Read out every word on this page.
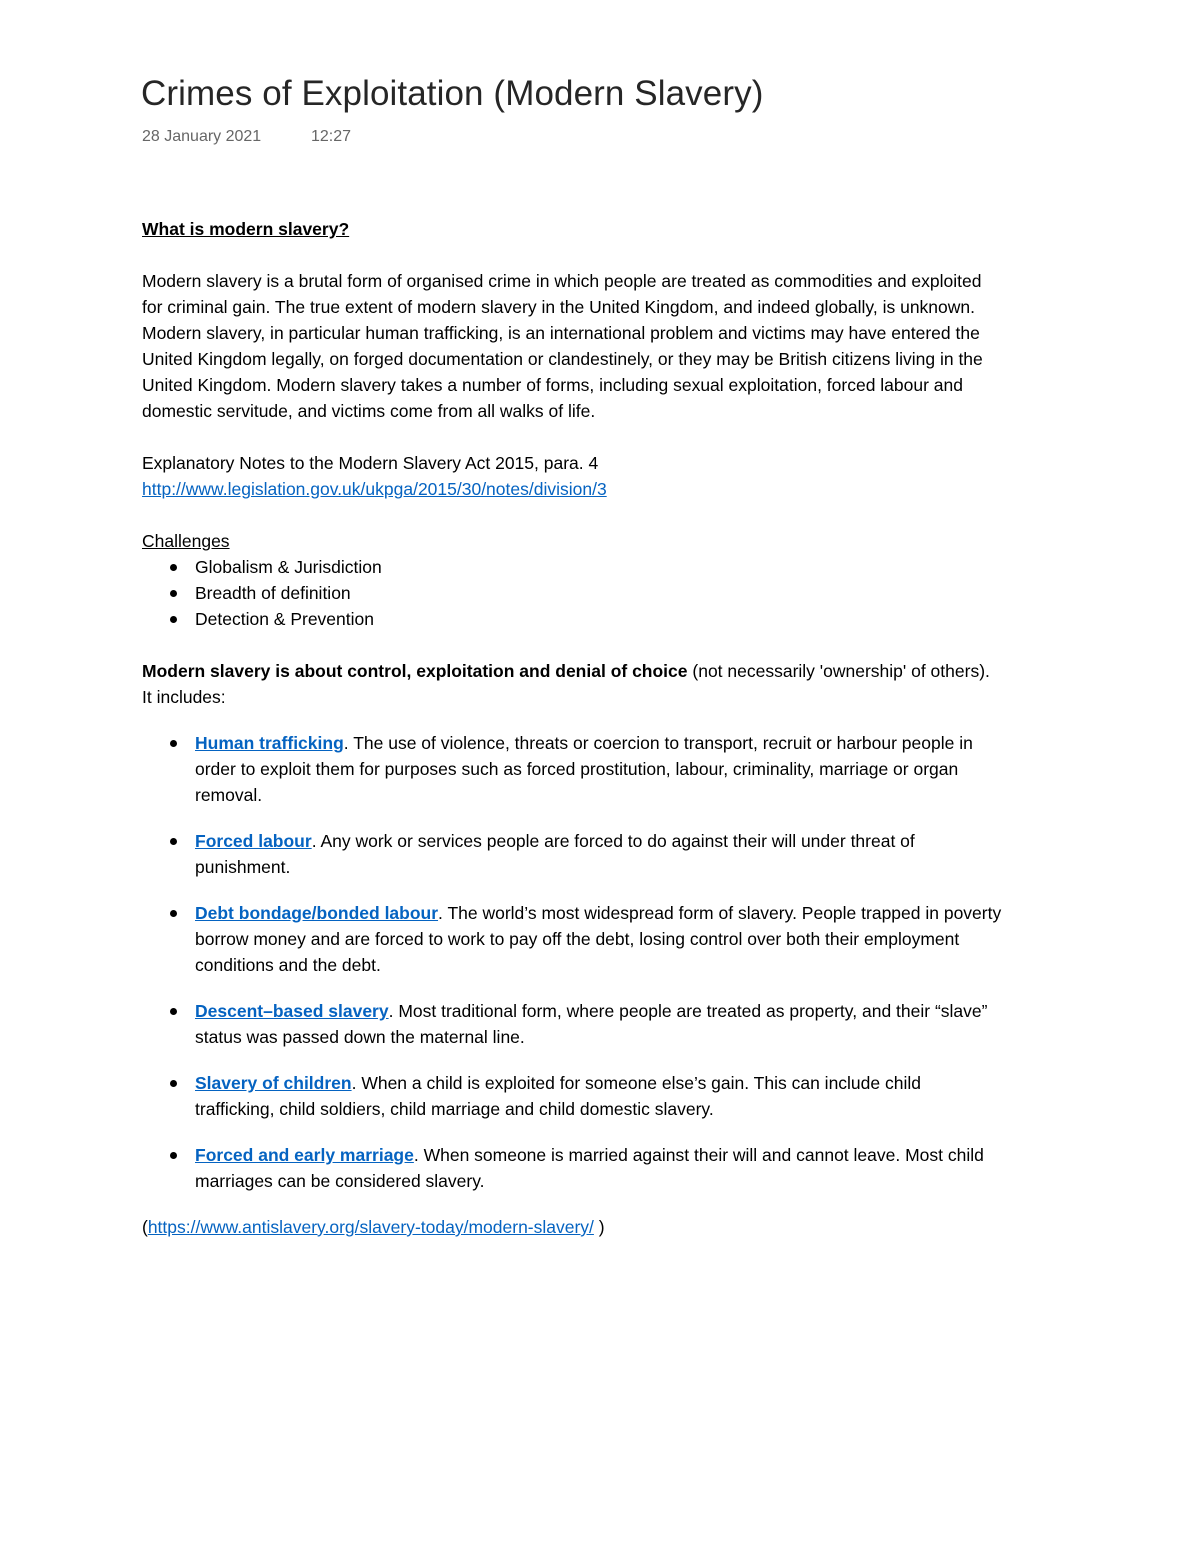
Crimes of Exploitation (Modern Slavery)
28 January 2021	12:27

What is modern slavery?

Modern slavery is a brutal form of organised crime in which people are treated as commodities and exploited for criminal gain. The true extent of modern slavery in the United Kingdom, and indeed globally, is unknown. Modern slavery, in particular human trafficking, is an international problem and victims may have entered the United Kingdom legally, on forged documentation or clandestinely, or they may be British citizens living in the United Kingdom. Modern slavery takes a number of forms, including sexual exploitation, forced labour and domestic servitude, and victims come from all walks of life.

Explanatory Notes to the Modern Slavery Act 2015, para. 4

http://www.legislation.gov.uk/ukpga/2015/30/notes/division/3

Challenges

Globalism & Jurisdiction
Breadth of definition
Detection & Prevention

Modern slavery is about control, exploitation and denial of choice (not necessarily 'ownership' of others). It includes:

Human trafficking. The use of violence, threats or coercion to transport, recruit or harbour people in order to exploit them for purposes such as forced prostitution, labour, criminality, marriage or organ removal.
Forced labour. Any work or services people are forced to do against their will under threat of punishment.
Debt bondage/bonded labour. The world’s most widespread form of slavery. People trapped in poverty borrow money and are forced to work to pay off the debt, losing control over both their employment conditions and the debt.
Descent–based slavery. Most traditional form, where people are treated as property, and their “slave” status was passed down the maternal line.
Slavery of children. When a child is exploited for someone else’s gain. This can include child trafficking, child soldiers, child marriage and child domestic slavery.
Forced and early marriage. When someone is married against their will and cannot leave. Most child marriages can be considered slavery.

(https://www.antislavery.org/slavery-today/modern-slavery/ )
